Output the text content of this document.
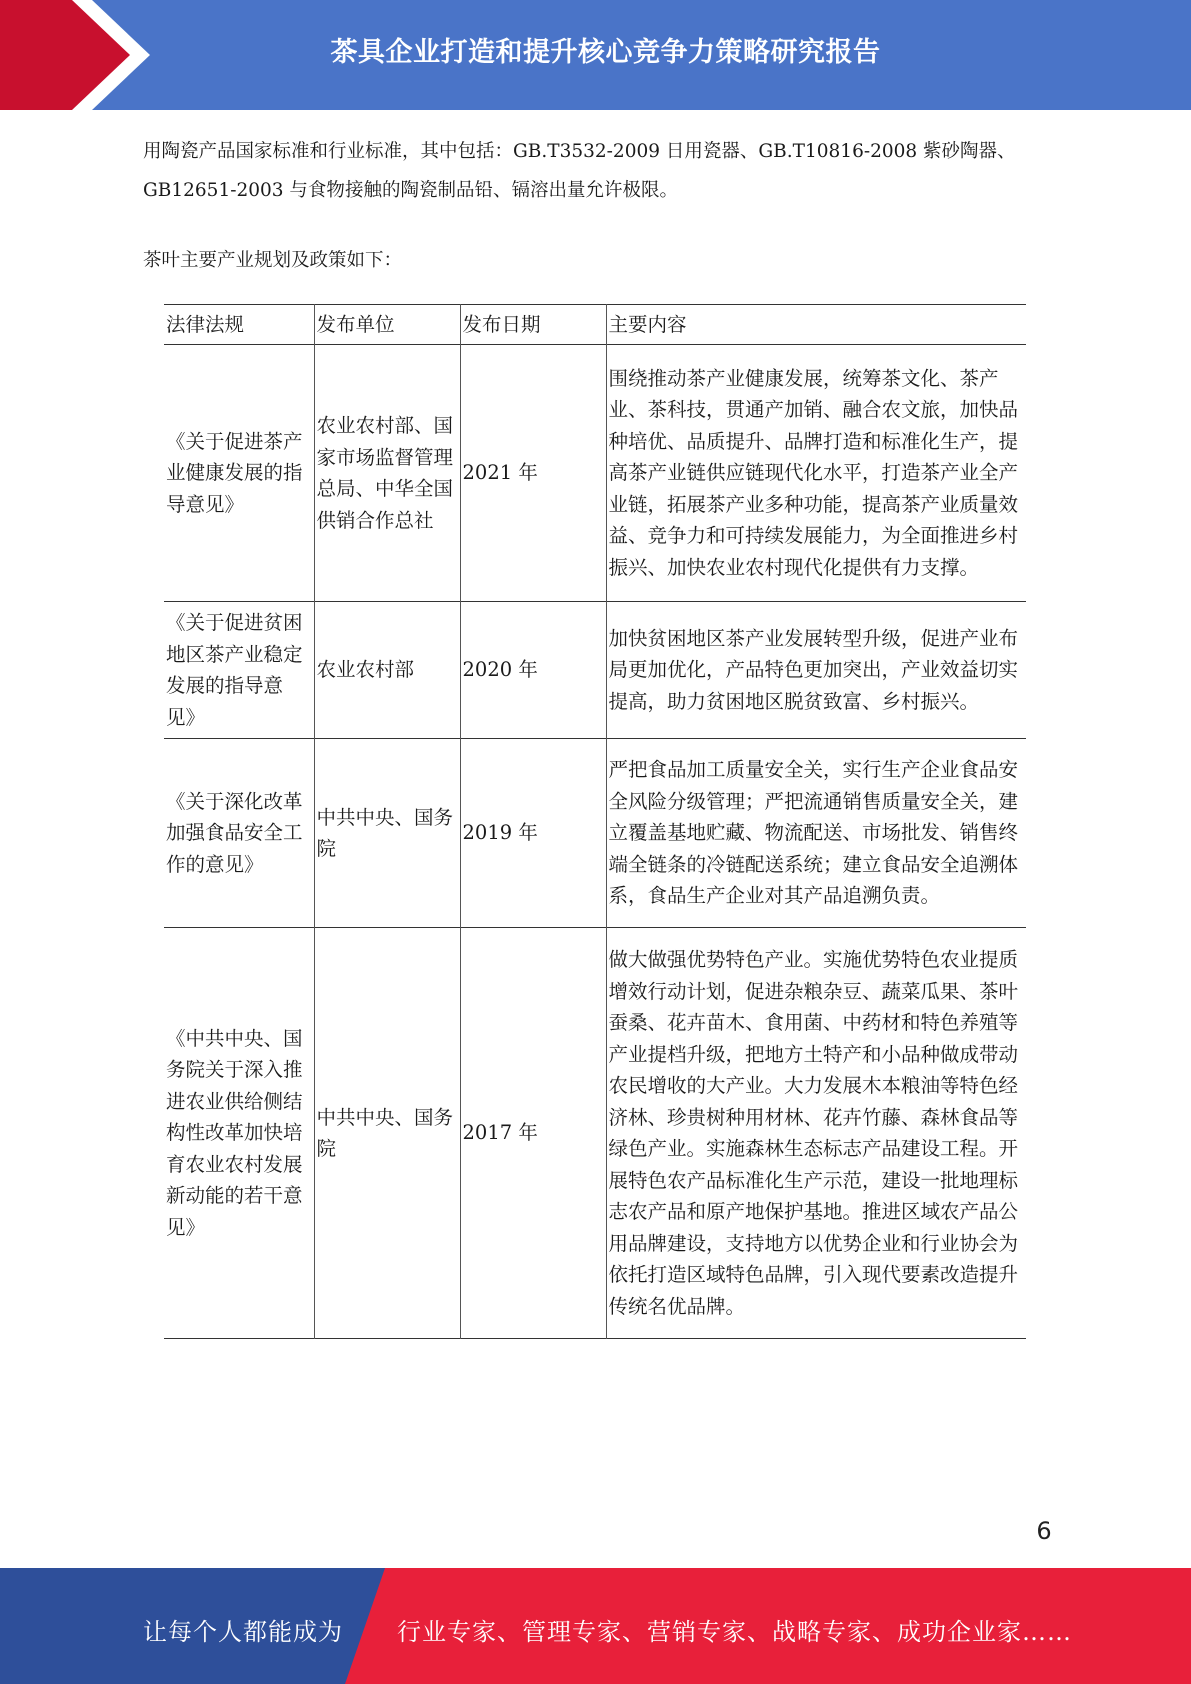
茶具企业打造和提升核心竞争力策略研究报告

用陶瓷产品国家标准和行业标准，其中包括：GB.T3532-2009 日用瓷器、GB.T10816-2008 紫砂陶器、GB12651-2003 与食物接触的陶瓷制品铅、镉溶出量允许极限。

茶叶主要产业规划及政策如下：

法律法规	发布单位	发布日期	主要内容
《关于促进茶产业健康发展的指导意见》	农业农村部、国家市场监督管理总局、中华全国供销合作总社	2021 年	围绕推动茶产业健康发展，统筹茶文化、茶产业、茶科技，贯通产加销、融合农文旅，加快品种培优、品质提升、品牌打造和标准化生产，提高茶产业链供应链现代化水平，打造茶产业全产业链，拓展茶产业多种功能，提高茶产业质量效益、竞争力和可持续发展能力，为全面推进乡村振兴、加快农业农村现代化提供有力支撑。
《关于促进贫困地区茶产业稳定发展的指导意见》	农业农村部	2020 年	加快贫困地区茶产业发展转型升级，促进产业布局更加优化，产品特色更加突出，产业效益切实提高，助力贫困地区脱贫致富、乡村振兴。
《关于深化改革加强食品安全工作的意见》	中共中央、国务院	2019 年	严把食品加工质量安全关，实行生产企业食品安全风险分级管理；严把流通销售质量安全关，建立覆盖基地贮藏、物流配送、市场批发、销售终端全链条的冷链配送系统；建立食品安全追溯体系，食品生产企业对其产品追溯负责。
《中共中央、国务院关于深入推进农业供给侧结构性改革加快培育农业农村发展新动能的若干意见》	中共中央、国务院	2017 年	做大做强优势特色产业。实施优势特色农业提质增效行动计划，促进杂粮杂豆、蔬菜瓜果、茶叶蚕桑、花卉苗木、食用菌、中药材和特色养殖等产业提档升级，把地方土特产和小品种做成带动农民增收的大产业。大力发展木本粮油等特色经济林、珍贵树种用材林、花卉竹藤、森林食品等绿色产业。实施森林生态标志产品建设工程。开展特色农产品标准化生产示范，建设一批地理标志农产品和原产地保护基地。推进区域农产品公用品牌建设，支持地方以优势企业和行业协会为依托打造区域特色品牌，引入现代要素改造提升传统名优品牌。
6
让每个人都能成为 行业专家、管理专家、营销专家、战略专家、成功企业家……
